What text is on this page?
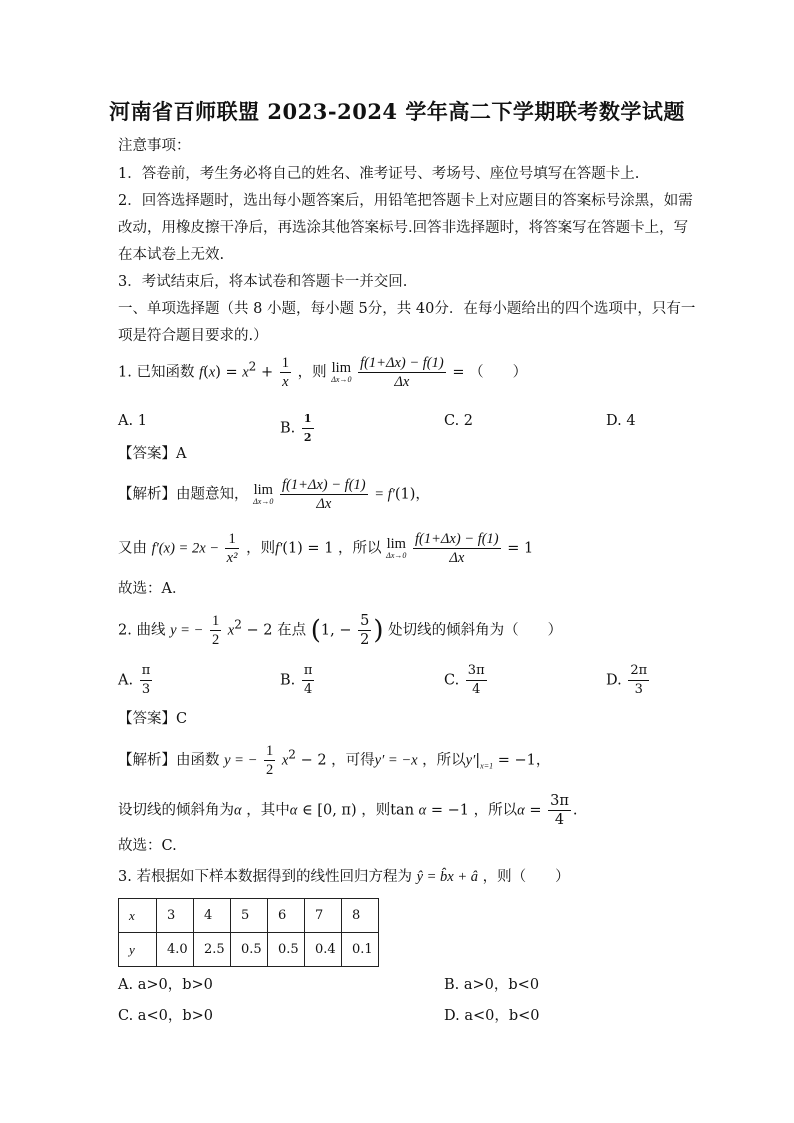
河南省百师联盟 2023-2024 学年高二下学期联考数学试题
注意事项：
1．答卷前，考生务必将自己的姓名、准考证号、考场号、座位号填写在答题卡上.
2．回答选择题时，选出每小题答案后，用铅笔把答题卡上对应题目的答案标号涂黑，如需
改动，用橡皮擦干净后，再选涂其他答案标号.回答非选择题时，将答案写在答题卡上，写
在本试卷上无效.
3．考试结束后，将本试卷和答题卡一并交回.
一、单项选择题（共 8 小题，每小题 5分，共 40分．在每小题给出的四个选项中，只有一
项是符合题目要求的.）
1. 已知函数 $f(x) = x^2 + \frac{1}{x}$ ，则 lim
Δx→0
$\frac{f(1+\Delta x) - f(1)}{\Delta x}$ = （　　）
A. 1	B. $\frac{1}{2}$	C. 2	D. 4
【答案】A
【解析】由题意知， lim
Δx→0
$\frac{f(1+\Delta x) - f(1)}{\Delta x} = f'(1)$，
又由 $f'(x) = 2x - \frac{1}{\text{x²}}$ ，则f′(1) = 1 ，所以 lim
Δx→0
$\frac{f(1+\Delta x) - f(1)}{\Delta x} = 1$
故选：A．
2. 曲线 y = − $\frac{1}{2} x^2 - 2$ 在点 (1, − $\frac{5}{2}$ ) 处切线的倾斜角为（　　）
A. $\frac{\pi}{3}$	B. $\frac{\pi}{4}$	C. $\frac{3\pi}{4}$	D. $\frac{2\pi}{3}$
【答案】C
【解析】由函数 y = − $\frac{1}{2} x^2 - 2$ ，可得y′ = −x ，所以$y'|_{x=1} = -1$，
设切线的倾斜角为α ，其中α ∈ [0, π) ，则tan α = −1 ，所以$\alpha = \frac{3\pi}{4}$ .
故选：C.
3. 若根据如下样本数据得到的线性回归方程为 ŷ = b̂x + â ，则（　　）
x	3	4	5	6	7	8
y	4.0	2.5	0.5	0.5	0.4	0.1
A. a>0，b>0	B. a>0，b<0
C. a<0，b>0	D. a<0，b<0
